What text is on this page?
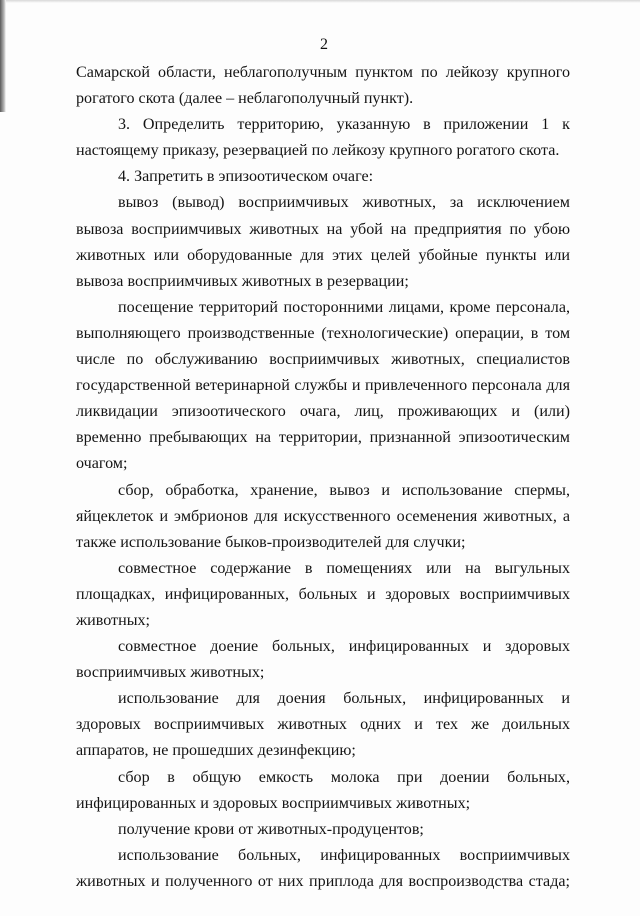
2

Самарской области, неблагополучным пунктом по лейкозу крупного рогатого скота (далее – неблагополучный пункт).

3. Определить территорию, указанную в приложении 1 к настоящему приказу, резервацией по лейкозу крупного рогатого скота.

4. Запретить в эпизоотическом очаге:

вывоз (вывод) восприимчивых животных, за исключением вывоза восприимчивых животных на убой на предприятия по убою животных или оборудованные для этих целей убойные пункты или вывоза восприимчивых животных в резервации;

посещение территорий посторонними лицами, кроме персонала, выполняющего производственные (технологические) операции, в том числе по обслуживанию восприимчивых животных, специалистов государственной ветеринарной службы и привлеченного персонала для ликвидации эпизоотического очага, лиц, проживающих и (или) временно пребывающих на территории, признанной эпизоотическим очагом;

сбор, обработка, хранение, вывоз и использование спермы, яйцеклеток и эмбрионов для искусственного осеменения животных, а также использование быков-производителей для случки;

совместное содержание в помещениях или на выгульных площадках, инфицированных, больных и здоровых восприимчивых животных;

совместное доение больных, инфицированных и здоровых восприимчивых животных;

использование для доения больных, инфицированных и здоровых восприимчивых животных одних и тех же доильных аппаратов, не прошедших дезинфекцию;

сбор в общую емкость молока при доении больных, инфицированных и здоровых восприимчивых животных;

получение крови от животных-продуцентов;

использование больных, инфицированных восприимчивых животных и полученного от них приплода для воспроизводства стада;
